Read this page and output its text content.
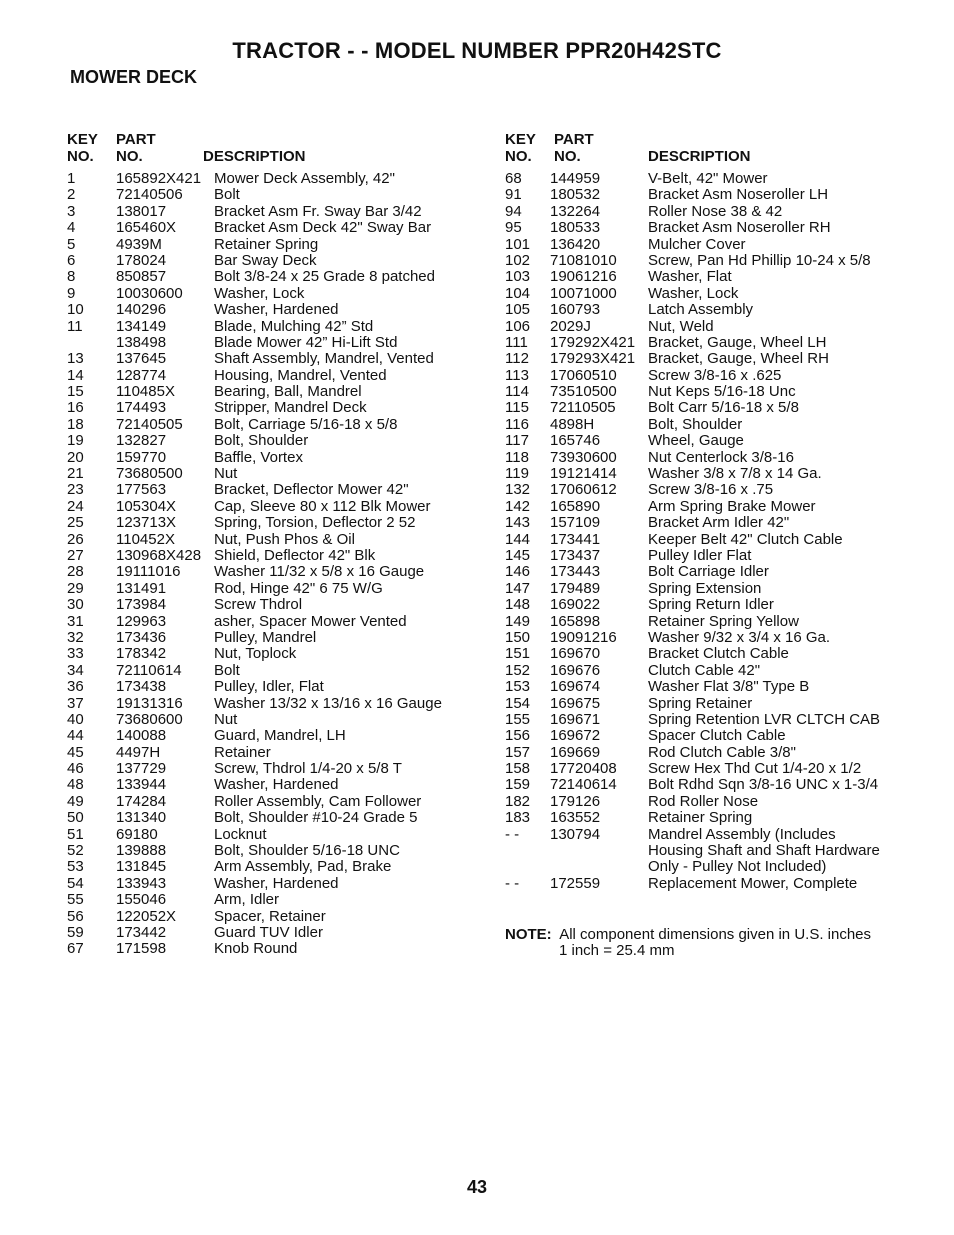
TRACTOR - - MODEL NUMBER PPR20H42STC
MOWER DECK
KEY
NO.
PART
NO.	DESCRIPTION
1	165892X421 Mower Deck Assembly, 42"
2	72140506 Bolt
3	138017	Bracket Asm Fr. Sway Bar 3/42
4	165460X	Bracket Asm Deck 42" Sway Bar
5	4939M	Retainer Spring
6	178024	Bar Sway Deck
8	850857	Bolt 3/8-24 x 25 Grade 8 patched
9	10030600 Washer, Lock
10 140296	Washer, Hardened
11 134149	Blade, Mulching 42” Std
138498	Blade Mower 42” Hi-Lift Std
13 137645	Shaft Assembly, Mandrel, Vented
14 128774	Housing, Mandrel, Vented
15 110485X	Bearing, Ball, Mandrel
16 174493	Stripper, Mandrel Deck
18 72140505 Bolt, Carriage 5/16-18 x 5/8
19 132827	Bolt, Shoulder
20 159770	Baffle, Vortex
21 73680500 Nut
23 177563	Bracket, Deflector Mower 42"
24 105304X	Cap, Sleeve 80 x 112 Blk Mower
25 123713X	Spring, Torsion, Deflector 2 52
26 110452X	Nut, Push Phos & Oil
27 130968X428 Shield, Deflector 42" Blk
28 19111016 Washer 11/32 x 5/8 x 16 Gauge
29 131491	Rod, Hinge 42" 6 75 W/G
30 173984	Screw Thdrol
31 129963	asher, Spacer Mower Vented
32 173436	Pulley, Mandrel
33 178342	Nut, Toplock
34 72110614 Bolt
36 173438	Pulley, Idler, Flat
37 19131316 Washer 13/32 x 13/16 x 16 Gauge
40 73680600 Nut
44 140088	Guard, Mandrel, LH
45 4497H	Retainer
46 137729	Screw, Thdrol 1/4-20 x 5/8 T
48 133944	Washer, Hardened
49 174284	Roller Assembly, Cam Follower
50 131340	Bolt, Shoulder #10-24 Grade 5
51 69180	Locknut
52 139888	Bolt, Shoulder 5/16-18 UNC
53 131845	Arm Assembly, Pad, Brake
54 133943	Washer, Hardened
55 155046	Arm, Idler
56 122052X	Spacer, Retainer
59 173442	Guard TUV Idler
67 171598	Knob Round
KEY
NO.
PART
NO.	DESCRIPTION
68 144959	V-Belt, 42" Mower
91 180532	Bracket Asm Noseroller LH
94 132264	Roller Nose 38 & 42
95 180533	Bracket Asm Noseroller RH
101 136420	Mulcher Cover
102 71081010 Screw, Pan Hd Phillip 10-24 x 5/8
103 19061216 Washer, Flat
104 10071000 Washer, Lock
105 160793	Latch Assembly
106 2029J	Nut, Weld
111 179292X421 Bracket, Gauge, Wheel LH
112 179293X421 Bracket, Gauge, Wheel RH
113 17060510 Screw 3/8-16 x .625
114 73510500 Nut Keps 5/16-18 Unc
115 72110505 Bolt Carr 5/16-18 x 5/8
116 4898H	Bolt, Shoulder
117 165746	Wheel, Gauge
118 73930600 Nut Centerlock 3/8-16
119 19121414 Washer 3/8 x 7/8 x 14 Ga.
132 17060612 Screw 3/8-16 x .75
142 165890	Arm Spring Brake Mower
143 157109	Bracket Arm Idler 42"
144 173441	Keeper Belt 42" Clutch Cable
145 173437	Pulley Idler Flat
146 173443	Bolt Carriage Idler
147 179489	Spring Extension
148 169022	Spring Return Idler
149 165898	Retainer Spring Yellow
150 19091216 Washer 9/32 x 3/4 x 16 Ga.
151 169670	Bracket Clutch Cable
152 169676	Clutch Cable 42"
153 169674	Washer Flat 3/8" Type B
154 169675	Spring Retainer
155 169671	Spring Retention LVR CLTCH CAB
156 169672	Spacer Clutch Cable
157 169669	Rod Clutch Cable 3/8"
158 17720408 Screw Hex Thd Cut 1/4-20 x 1/2
159 72140614 Bolt Rdhd Sqn 3/8-16 UNC x 1-3/4
182 179126	Rod Roller Nose
183 163552	Retainer Spring
- - 130794	Mandrel Assembly (Includes
Housing Shaft and Shaft Hardware
Only - Pulley Not Included)
- - 172559	Replacement Mower, Complete
NOTE: All component dimensions given in U.S. inches
1 inch = 25.4 mm
43
